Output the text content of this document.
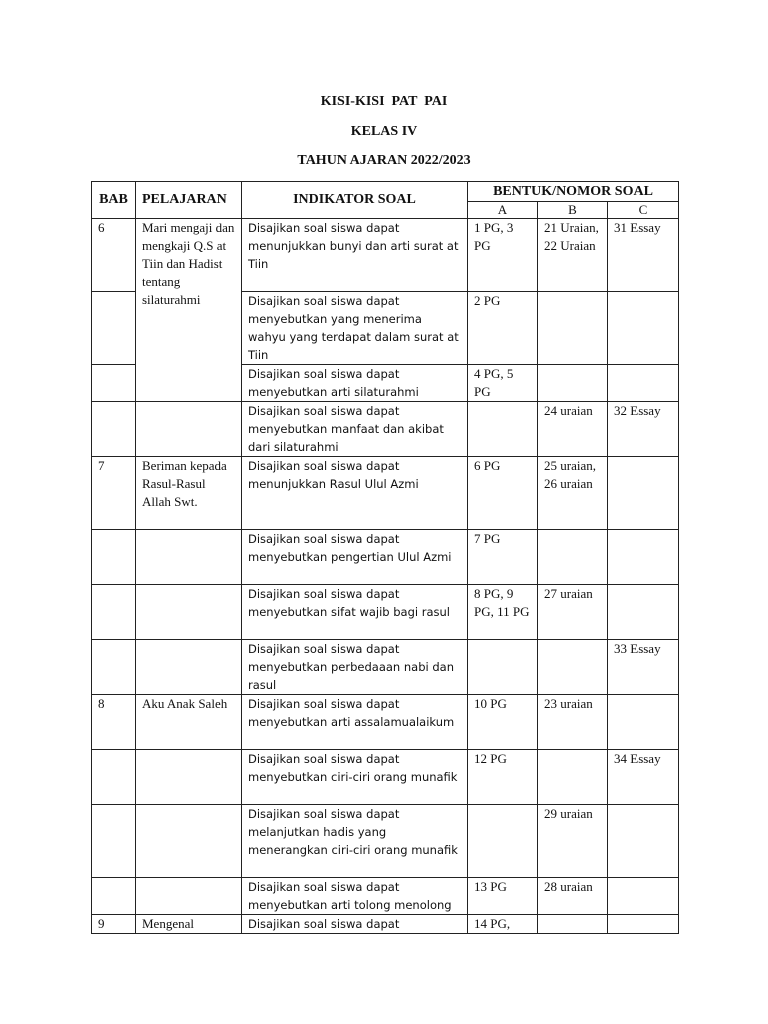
KISI-KISI  PAT  PAI
KELAS IV
TAHUN AJARAN 2022/2023
BAB	PELAJARAN	INDIKATOR SOAL	BENTUK/NOMOR SOAL		
			A	B	C
6	Mari mengaji dan mengkaji Q.S at Tiin dan Hadist tentang silaturahmi	Disajikan soal siswa dapat menunjukkan bunyi dan arti surat at Tiin	1 PG, 3 PG	21 Uraian, 22 Uraian	31 Essay
		Disajikan soal siswa dapat menyebutkan yang menerima wahyu yang terdapat dalam surat at Tiin	2 PG		
		Disajikan soal siswa dapat menyebutkan arti silaturahmi	4 PG, 5 PG		
		Disajikan soal siswa dapat menyebutkan manfaat dan akibat dari silaturahmi		24 uraian	32 Essay
7	Beriman kepada Rasul-Rasul Allah Swt.	Disajikan soal siswa dapat menunjukkan Rasul Ulul Azmi	6 PG	25 uraian, 26 uraian	
		Disajikan soal siswa dapat menyebutkan pengertian Ulul Azmi	7 PG		
		Disajikan soal siswa dapat menyebutkan sifat wajib bagi rasul	8 PG, 9 PG, 11 PG	27 uraian	
		Disajikan soal siswa dapat menyebutkan perbedaaan nabi dan rasul			33 Essay
8	Aku Anak Saleh	Disajikan soal siswa dapat menyebutkan arti assalamualaikum	10 PG	23 uraian	
		Disajikan soal siswa dapat menyebutkan ciri-ciri orang munafik	12 PG		34 Essay
		Disajikan soal siswa dapat melanjutkan hadis yang menerangkan ciri-ciri orang munafik		29 uraian	
		Disajikan soal siswa dapat menyebutkan arti tolong menolong	13 PG	28 uraian	
9	Mengenal	Disajikan soal siswa dapat	14 PG,		
